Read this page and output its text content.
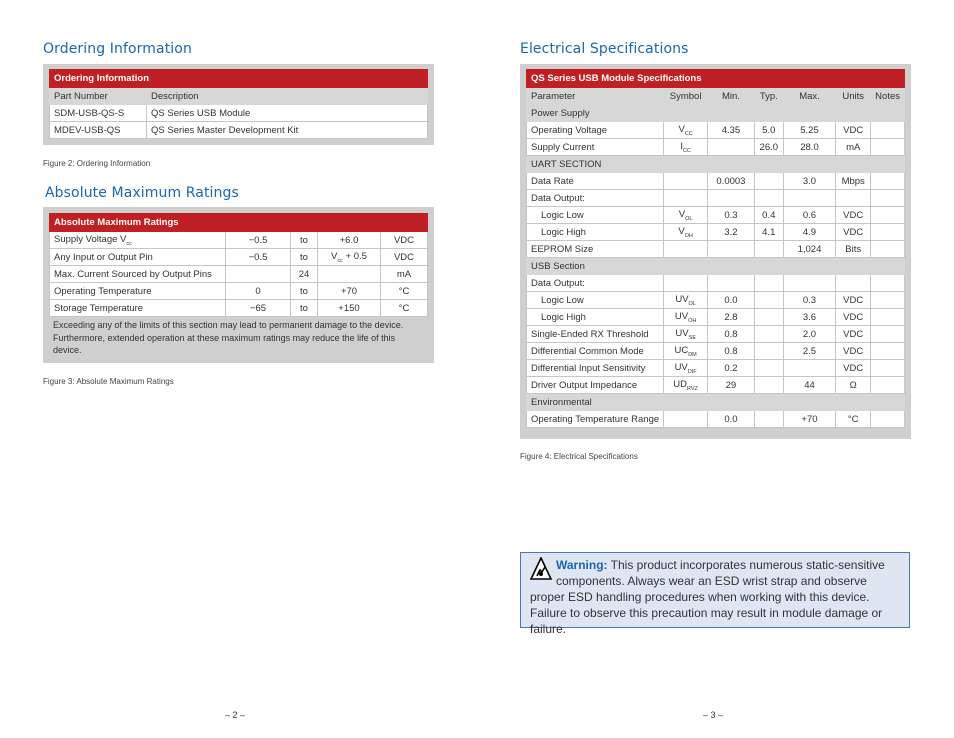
Ordering Information
Ordering Information	
Part Number	Description
SDM-USB-QS-S	QS Series USB Module
MDEV-USB-QS	QS Series Master Development Kit
Figure 2: Ordering Information
Absolute Maximum Ratings
Absolute Maximum Ratings				
Supply Voltage $V_{cc}$	−0.5	to	+6.0	VDC
Any Input or Output Pin	−0.5	to	$V_{cc} + 0.5$	VDC
Max. Current Sourced by Output Pins		24		mA
Operating Temperature	0	to	+70	°C
Storage Temperature	−65	to	+150	°C

Exceeding any of the limits of this section may lead to permanent damage to the device. Furthermore, extended operation at these maximum ratings may reduce the life of this device.
Figure 3: Absolute Maximum Ratings
– 2 –
Electrical Specifications
QS Series USB Module Specifications						
Parameter	Symbol	Min.	Typ.	Max.	Units	Notes
Power Supply						
Operating Voltage	$V_{CC}$	4.35	5.0	5.25	VDC	
Supply Current	$I_{CC}$		26.0	28.0	mA	
UART SECTION						
Data Rate		0.0003		3.0	Mbps	
Data Output:						
Logic Low	$V_{OL}$	0.3	0.4	0.6	VDC	
Logic High	$V_{OH}$	3.2	4.1	4.9	VDC	
EEPROM Size				1,024	Bits	
USB Section						
Data Output:						
Logic Low	$UV_{OL}$	0.0		0.3	VDC	
Logic High	$UV_{OH}$	2.8		3.6	VDC	
Single-Ended RX Threshold	$UV_{SE}$	0.8		2.0	VDC	
Differential Common Mode	$UC_{DM}$	0.8		2.5	VDC	
Differential Input Sensitivity	$UV_{DIF}$	0.2			VDC	
Driver Output Impedance	$UD_{RVZ}$	29		44	Ω	
Environmental						
Operating Temperature Range		0.0		+70	°C	
Figure 4: Electrical Specifications
Warning: This product incorporates numerous static-sensitive components. Always wear an ESD wrist strap and observe proper ESD handling procedures when working with this device. Failure to observe this precaution may result in module damage or failure.
– 3 –
